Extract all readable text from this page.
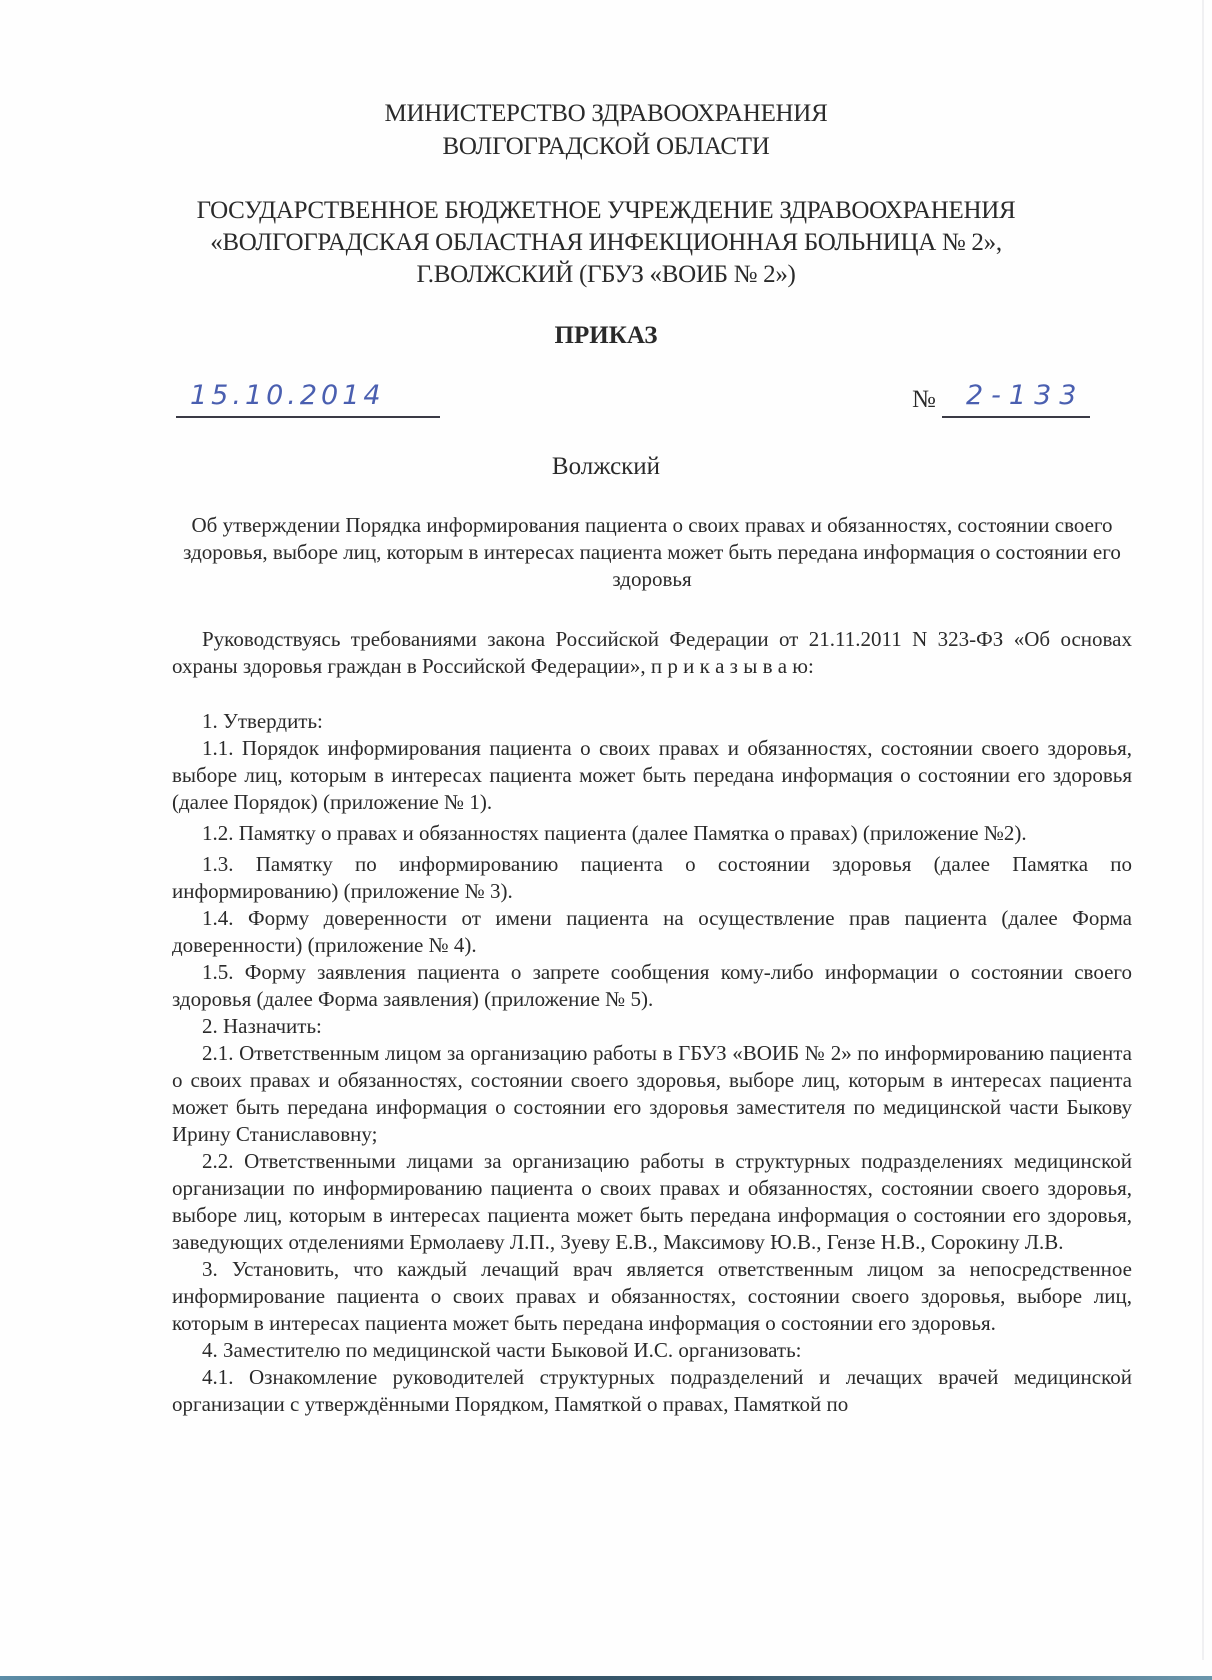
МИНИСТЕРСТВО ЗДРАВООХРАНЕНИЯ
ВОЛГОГРАДСКОЙ ОБЛАСТИ
ГОСУДАРСТВЕННОЕ БЮДЖЕТНОЕ УЧРЕЖДЕНИЕ ЗДРАВООХРАНЕНИЯ
«ВОЛГОГРАДСКАЯ ОБЛАСТНАЯ ИНФЕКЦИОННАЯ БОЛЬНИЦА № 2»,
Г.ВОЛЖСКИЙ (ГБУЗ «ВОИБ № 2»)
ПРИКАЗ
15.10.2014	№ 2-133
Волжский
Об утверждении Порядка информирования пациента о своих правах и обязанностях, состоянии своего здоровья, выборе лиц, которым в интересах пациента может быть передана информация о состоянии его здоровья

Руководствуясь требованиями закона Российской Федерации от 21.11.2011 N 323-ФЗ «Об основах охраны здоровья граждан в Российской Федерации», п р и к а з ы в а ю:

1. Утвердить:

1.1. Порядок информирования пациента о своих правах и обязанностях, состоянии своего здоровья, выборе лиц, которым в интересах пациента может быть передана информация о состоянии его здоровья (далее Порядок) (приложение № 1).

1.2. Памятку о правах и обязанностях пациента (далее Памятка о правах) (приложение №2).

1.3. Памятку по информированию пациента о состоянии здоровья (далее Памятка по информированию) (приложение № 3).

1.4. Форму доверенности от имени пациента на осуществление прав пациента (далее Форма доверенности) (приложение № 4).

1.5. Форму заявления пациента о запрете сообщения кому-либо информации о состоянии своего здоровья (далее Форма заявления) (приложение № 5).

2. Назначить:

2.1. Ответственным лицом за организацию работы в ГБУЗ «ВОИБ № 2» по информированию пациента о своих правах и обязанностях, состоянии своего здоровья, выборе лиц, которым в интересах пациента может быть передана информация о состоянии его здоровья заместителя по медицинской части Быкову Ирину Станиславовну;

2.2. Ответственными лицами за организацию работы в структурных подразделениях медицинской организации по информированию пациента о своих правах и обязанностях, состоянии своего здоровья, выборе лиц, которым в интересах пациента может быть передана информация о состоянии его здоровья, заведующих отделениями Ермолаеву Л.П., Зуеву Е.В., Максимову Ю.В., Гензе Н.В., Сорокину Л.В.

3. Установить, что каждый лечащий врач является ответственным лицом за непосредственное информирование пациента о своих правах и обязанностях, состоянии своего здоровья, выборе лиц, которым в интересах пациента может быть передана информация о состоянии его здоровья.

4. Заместителю по медицинской части Быковой И.С. организовать:

4.1. Ознакомление руководителей структурных подразделений и лечащих врачей медицинской организации с утверждёнными Порядком, Памяткой о правах, Памяткой по
